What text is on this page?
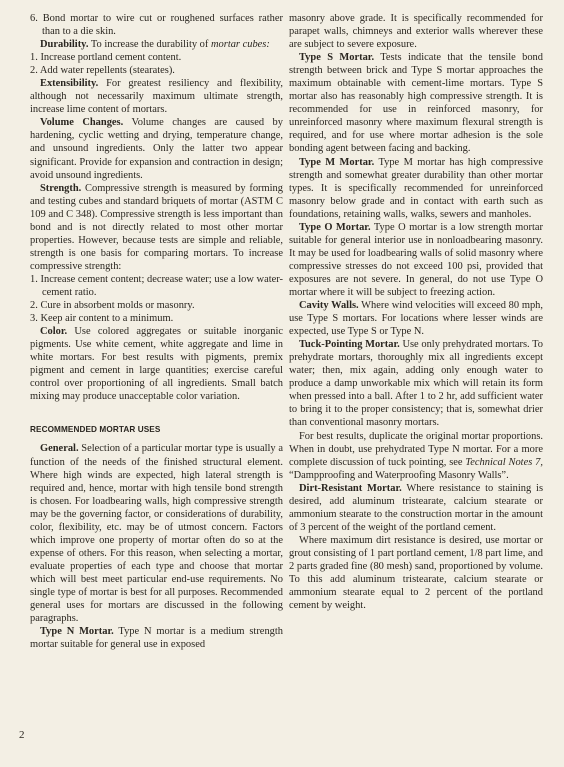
6. Bond mortar to wire cut or roughened surfaces rather than to a die skin.

Durability. To increase the durability of mortar cubes:

1. Increase portland cement content.

2. Add water repellents (stearates).

Extensibility. For greatest resiliency and flexibility, although not necessarily maximum ultimate strength, increase lime content of mortars.

Volume Changes. Volume changes are caused by hardening, cyclic wetting and drying, temperature change, and unsound ingredients. Only the latter two appear significant. Provide for expansion and contraction in design; avoid unsound ingredients.

Strength. Compressive strength is measured by forming and testing cubes and standard briquets of mortar (ASTM C 109 and C 348). Compressive strength is less important than bond and is not directly related to most other mortar properties. However, because tests are simple and reliable, strength is one basis for comparing mortars. To increase compressive strength:

1. Increase cement content; decrease water; use a low water-cement ratio.

2. Cure in absorbent molds or masonry.

3. Keep air content to a minimum.

Color. Use colored aggregates or suitable inorganic pigments. Use white cement, white aggregate and lime in white mortars. For best results with pigments, premix pigment and cement in large quantities; exercise careful control over proportioning of all ingredients. Small batch mixing may produce unacceptable color variation.

RECOMMENDED MORTAR USES

General. Selection of a particular mortar type is usually a function of the needs of the finished structural element. Where high winds are expected, high lateral strength is required and, hence, mortar with high tensile bond strength is chosen. For loadbearing walls, high compressive strength may be the governing factor, or considerations of durability, color, flexibility, etc. may be of utmost concern. Factors which improve one property of mortar often do so at the expense of others. For this reason, when selecting a mortar, evaluate properties of each type and choose that mortar which will best meet particular end-use requirements. No single type of mortar is best for all purposes. Recommended general uses for mortars are discussed in the following paragraphs.

Type N Mortar. Type N mortar is a medium strength mortar suitable for general use in exposed

masonry above grade. It is specifically recommended for parapet walls, chimneys and exterior walls wherever these are subject to severe exposure.

Type S Mortar. Tests indicate that the tensile bond strength between brick and Type S mortar approaches the maximum obtainable with cement-lime mortars. Type S mortar also has reasonably high compressive strength. It is recommended for use in reinforced masonry, for unreinforced masonry where maximum flexural strength is required, and for use where mortar adhesion is the sole bonding agent between facing and backing.

Type M Mortar. Type M mortar has high compressive strength and somewhat greater durability than other mortar types. It is specifically recommended for unreinforced masonry below grade and in contact with earth such as foundations, retaining walls, walks, sewers and manholes.

Type O Mortar. Type O mortar is a low strength mortar suitable for general interior use in nonloadbearing masonry. It may be used for loadbearing walls of solid masonry where compressive stresses do not exceed 100 psi, provided that exposures are not severe. In general, do not use Type O mortar where it will be subject to freezing action.

Cavity Walls. Where wind velocities will exceed 80 mph, use Type S mortars. For locations where lesser winds are expected, use Type S or Type N.

Tuck-Pointing Mortar. Use only prehydrated mortars. To prehydrate mortars, thoroughly mix all ingredients except water; then, mix again, adding only enough water to produce a damp unworkable mix which will retain its form when pressed into a ball. After 1 to 2 hr, add sufficient water to bring it to the proper consistency; that is, somewhat drier than conventional masonry mortars.

For best results, duplicate the original mortar proportions. When in doubt, use prehydrated Type N mortar. For a more complete discussion of tuck pointing, see Technical Notes 7, “Dampproofing and Waterproofing Masonry Walls”.

Dirt-Resistant Mortar. Where resistance to staining is desired, add aluminum tristearate, calcium stearate or ammonium stearate to the construction mortar in the amount of 3 percent of the weight of the portland cement.

Where maximum dirt resistance is desired, use mortar or grout consisting of 1 part portland cement, 1/8 part lime, and 2 parts graded fine (80 mesh) sand, proportioned by volume. To this add aluminum tristearate, calcium stearate or ammonium stearate equal to 2 percent of the portland cement by weight.

2
